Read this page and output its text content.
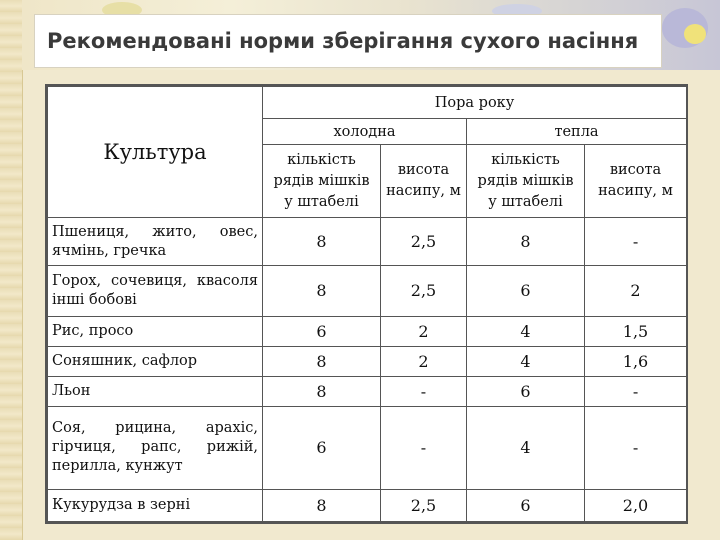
Рекомендовані норми зберігання сухого насіння
Культура	Пора року			
	холодна		тепла	
	кількість рядів мішків у штабелі	висота насипу, м	кількість рядів мішків у штабелі	висота насипу, м
Пшениця, жито, овес, ячмінь, гречка	8	2,5	8	-
Горох, сочевиця, квасоля інші бобові	8	2,5	6	2
Рис, просо	6	2	4	1,5
Соняшник, сафлор	8	2	4	1,6
Льон	8	-	6	-
Соя, рицина, арахіс, гірчиця, рапс, рижій, перилла, кунжут	6	-	4	-
Кукурудза в зерні	8	2,5	6	2,0
